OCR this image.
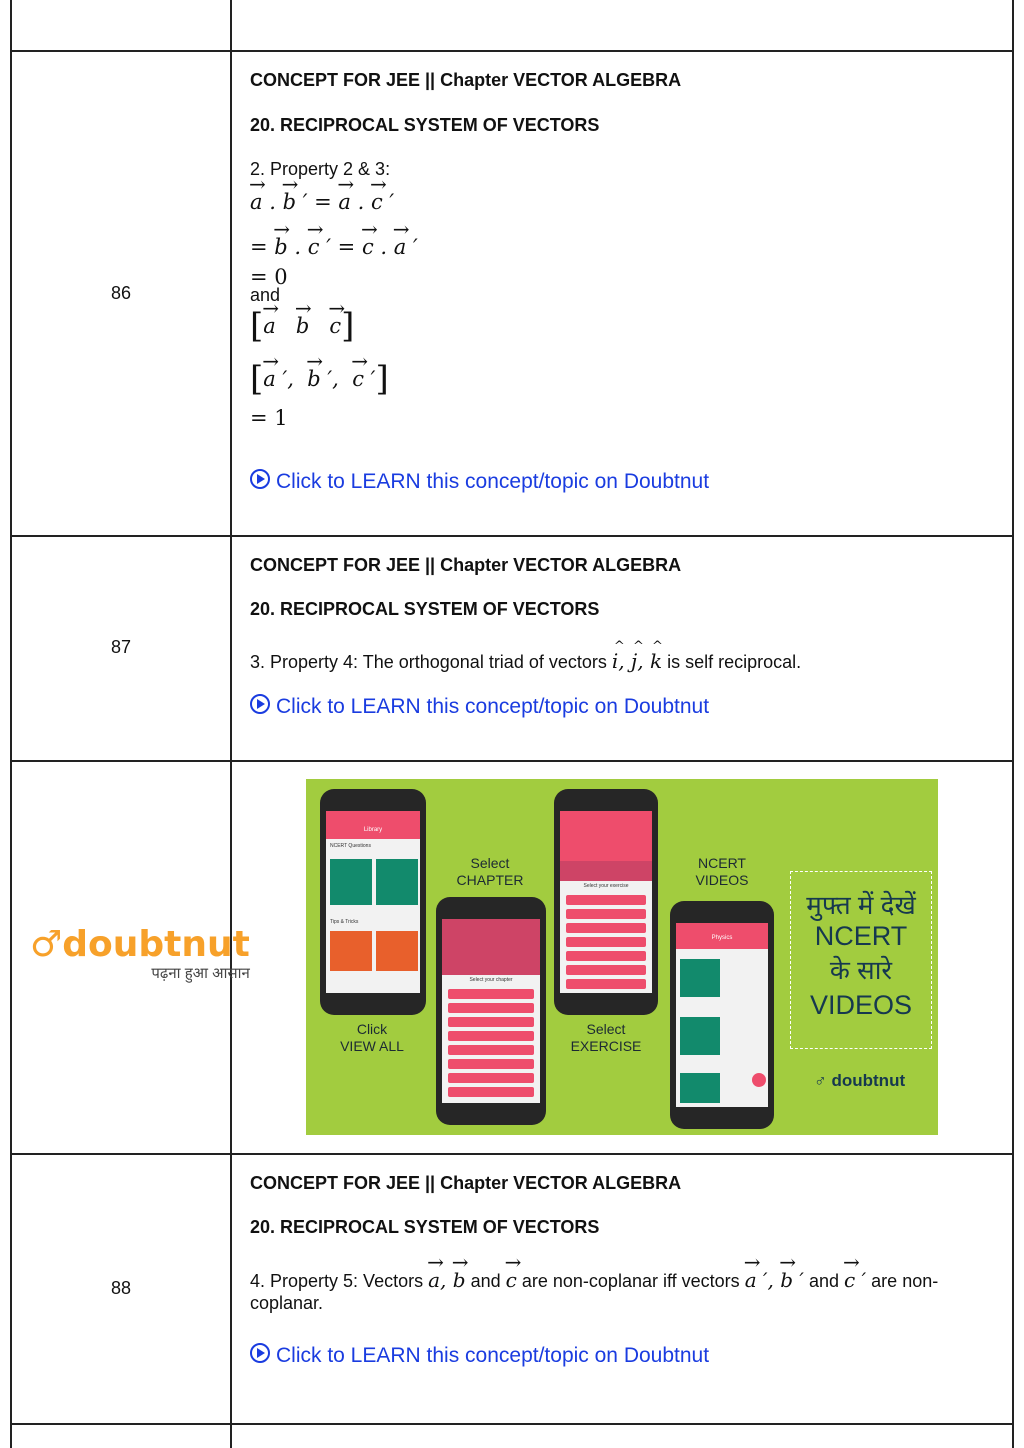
86
CONCEPT FOR JEE || Chapter VECTOR ALGEBRA
20. RECIPROCAL SYSTEM OF VECTORS
2. Property 2 & 3:
→ a . → b ′ = → a . → c ′
= → b . → c ′ = → c . → a ′
= 0
and
[→ a → b → c]
[→ a ′,  → b ′,  → c ′]
= 1
Click to LEARN this concept/topic on Doubtnut
87
CONCEPT FOR JEE || Chapter VECTOR ALGEBRA
20. RECIPROCAL SYSTEM OF VECTORS
3. Property 4: The orthogonal triad of vectors ^ i, ^ j, ^ k is self reciprocal.
Click to LEARN this concept/topic on Doubtnut
♂doubtnut
पढ़ना हुआ आसान
Library
NCERT Questions
Tips & Tricks
Select
CHAPTER
Select your chapter
Click
VIEW ALL
Select your exercise
Select
EXERCISE
NCERT
VIDEOS
Physics
मुफ्त में देखें
NCERT
के सारे
VIDEOS
♂ doubtnut
88
CONCEPT FOR JEE || Chapter VECTOR ALGEBRA
20. RECIPROCAL SYSTEM OF VECTORS
4. Property 5: Vectors → a, → b and → c are non-coplanar iff vectors → a ′, → b ′ and → c ′ are non-coplanar.
Click to LEARN this concept/topic on Doubtnut
